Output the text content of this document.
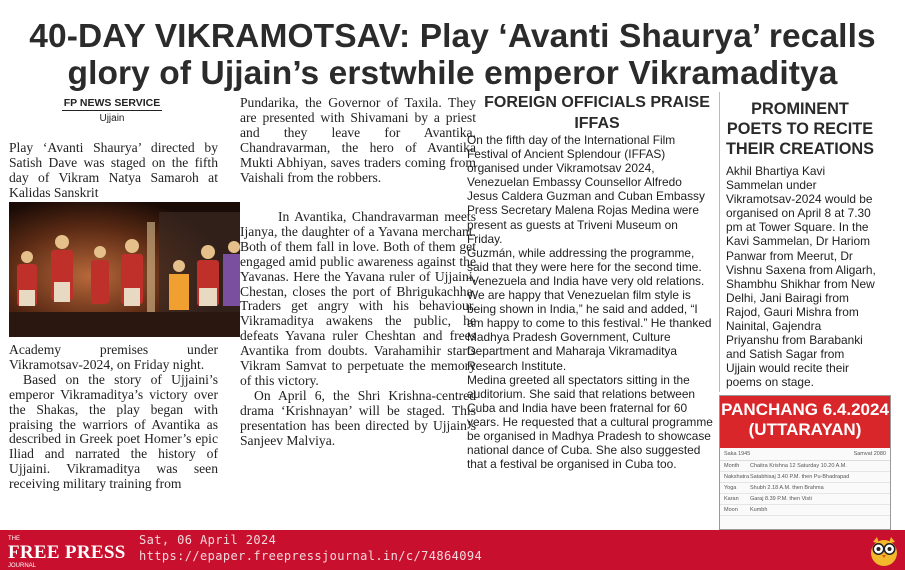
40-DAY VIKRAMOTSAV: Play ‘Avanti Shaurya’ recalls
glory of Ujjain’s erstwhile emperor Vikramaditya
FP NEWS SERVICE
Ujjain
Play ‘Avanti Shaurya’ directed by Satish Dave was staged on the fifth day of Vikram Natya Samaroh at Kalidas Sanskrit

Academy premises under Vikramotsav-2024, on Friday night.

Based on the story of Ujjaini’s emperor Vikramaditya’s victory over the Shakas, the play began with praising the warriors of Avantika as described in Greek poet Homer’s epic Iliad and narrated the history of Ujjaini. Vikramaditya was seen receiving military training from

Pundarika, the Governor of Taxila. They are presented with Shivamani by a priest and they leave for Avantika. Chandravarman, the hero of Avantika Mukti Abhiyan, saves traders coming from Vaishali from the robbers.

In Avantika, Chandravarman meets Ijanya, the daughter of a Yavana merchant. Both of them fall in love. Both of them get engaged amid public awareness against the Yavanas. Here the Yavana ruler of Ujjaini, Chestan, closes the port of Bhrigukachha. Traders get angry with his behaviour. Vikramaditya awakens the public, he defeats Yavana ruler Cheshtan and frees Avantika from doubts. Varahamihir starts Vikram Samvat to perpetuate the memory of this victory.

On April 6, the Shri Krishna-centred drama ‘Krishnayan’ will be staged. This presentation has been directed by Ujjain’s Sanjeev Malviya.

FOREIGN OFFICIALS PRAISE IFFAS

On the fifth day of the International Film Festival of Ancient Splendour (IFFAS) organised under Vikramotsav 2024, Venezuelan Embassy Counsellor Alfredo Jesus Caldera Guzman and Cuban Embassy Press Secretary Malena Rojas Medina were present as guests at Triveni Museum on Friday.

Guzmán, while addressing the programme, said that they were here for the second time. “Venezuela and India have very old relations. We are happy that Venezuelan film style is being shown in India,” he said and added, “I am happy to come to this festival.” He thanked Madhya Pradesh Government, Culture Department and Maharaja Vikramaditya Research Institute.

Medina greeted all spectators sitting in the auditorium. She said that relations between Cuba and India have been fraternal for 60 years. He requested that a cultural programme be organised in Madhya Pradesh to showcase national dance of Cuba. She also suggested that a festival be organised in Cuba too.

PROMINENT POETS TO RECITE THEIR CREATIONS
Akhil Bhartiya Kavi Sammelan under Vikramotsav-2024 would be organised on April 8 at 7.30 pm at Tower Square. In the Kavi Sammelan, Dr Hariom Panwar from Meerut, Dr Vishnu Saxena from Aligarh, Shambhu Shikhar from New Delhi, Jani Bairagi from Rajod, Gauri Mishra from Nainital, Gajendra Priyanshu from Barabanki and Satish Sagar from Ujjain would recite their poems on stage.
PANCHANG 6.4.2024
(UTTARAYAN)
Saka 1945	Samvat 2080
Month	Chaitra Krishna 12 Saturday 10.20 A.M.
Nakshatra Satabhisaj 3.40 P.M. then Pu-Bhadrapad
Yoga	Shubh 2.18 A.M. then Brahma
Karan	Garaj 8.39 P.M. then Visti
Moon	Kumbh
THE
FREE PRESS
JOURNAL
Sat, 06 April 2024
https://epaper.freepressjournal.in/c/74864094
